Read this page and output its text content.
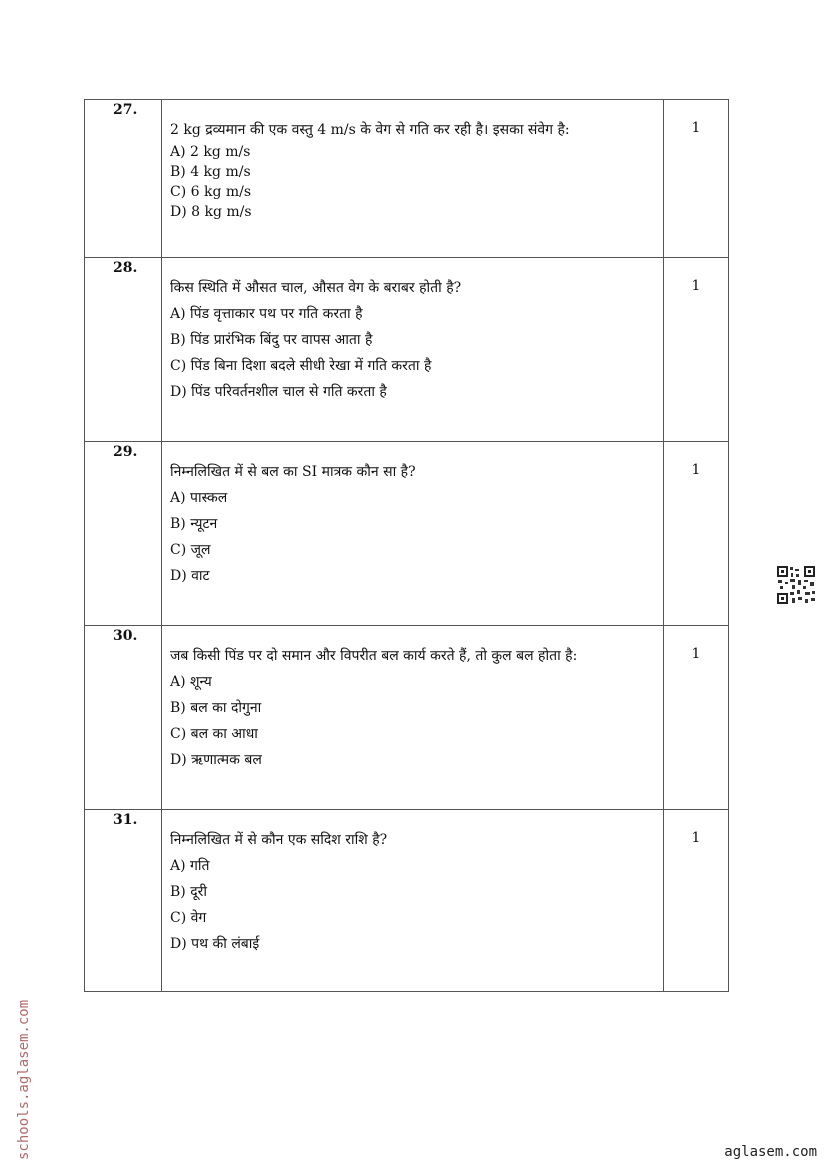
27.	2 kg द्रव्यमान की एक वस्तु 4 m/s के वेग से गति कर रही है। इसका संवेग है:

A) 2 kg m/s

B) 4 kg m/s

C) 6 kg m/s

D) 8 kg m/s	1
28.	किस स्थिति में औसत चाल, औसत वेग के बराबर होती है?

A) पिंड वृत्ताकार पथ पर गति करता है

B) पिंड प्रारंभिक बिंदु पर वापस आता है

C) पिंड बिना दिशा बदले सीधी रेखा में गति करता है

D) पिंड परिवर्तनशील चाल से गति करता है	1
29.	निम्नलिखित में से बल का SI मात्रक कौन सा है?

A) पास्कल

B) न्यूटन

C) जूल

D) वाट	1
30.	जब किसी पिंड पर दो समान और विपरीत बल कार्य करते हैं, तो कुल बल होता है:

A) शून्य

B) बल का दोगुना

C) बल का आधा

D) ऋणात्मक बल	1
31.	निम्नलिखित में से कौन एक सदिश राशि है?

A) गति

B) दूरी

C) वेग

D) पथ की लंबाई	1
schools.aglasem.com	aglasem.com
